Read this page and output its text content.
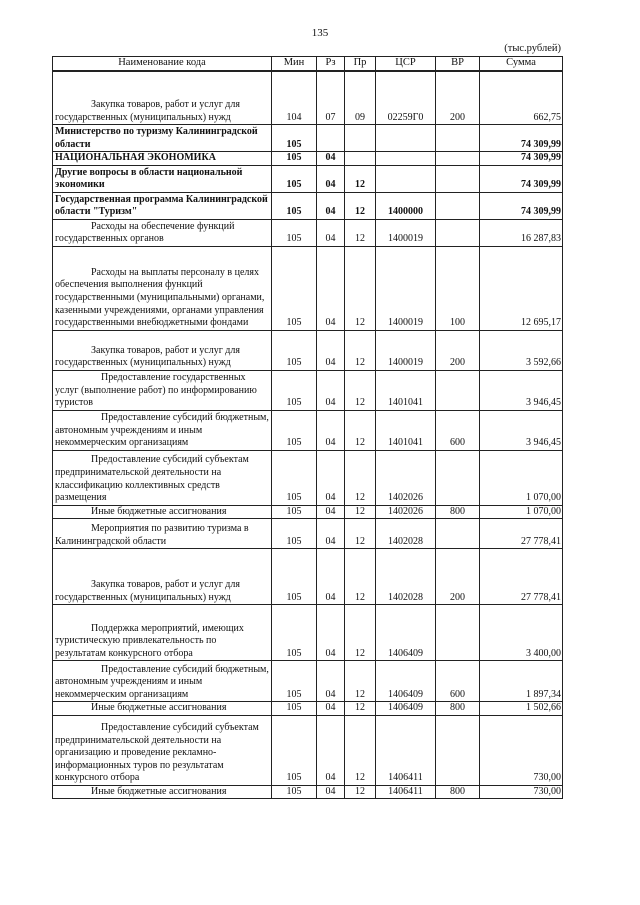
135
(тыс.рублей)
Наименование кода	Мин	Рз	Пр	ЦСР	ВР	Сумма

Закупка товаров, работ и услуг для государственных (муниципальных) нужд	104	07	09	02259Г0	200	662,75

Министерство по туризму Калининградской области	105					74 309,99

НАЦИОНАЛЬНАЯ ЭКОНОМИКА	105	04				74 309,99

Другие вопросы в области национальной экономики	105	04	12			74 309,99

Государственная программа Калининградской области "Туризм"	105	04	12	1400000		74 309,99

Расходы на обеспечение функций государственных органов	105	04	12	1400019		16 287,83

Расходы на выплаты персоналу в целях обеспечения выполнения функций государственными (муниципальными) органами, казенными учреждениями, органами управления государственными внебюджетными фондами	105	04	12	1400019	100	12 695,17

Закупка товаров, работ и услуг для государственных (муниципальных) нужд	105	04	12	1400019	200	3 592,66

Предоставление государственных услуг (выполнение работ) по информированию туристов	105	04	12	1401041		3 946,45

Предоставление субсидий бюджетным, автономным учреждениям и иным некоммерческим организациям	105	04	12	1401041	600	3 946,45

Предоставление субсидий субъектам предпринимательской деятельности на классификацию коллективных средств размещения	105	04	12	1402026		1 070,00

Иные бюджетные ассигнования	105	04	12	1402026	800	1 070,00

Мероприятия по развитию туризма в Калининградской области	105	04	12	1402028		27 778,41

Закупка товаров, работ и услуг для государственных (муниципальных) нужд	105	04	12	1402028	200	27 778,41

Поддержка мероприятий, имеющих туристическую привлекательность по результатам конкурсного отбора	105	04	12	1406409		3 400,00

Предоставление субсидий бюджетным, автономным учреждениям и иным некоммерческим организациям	105	04	12	1406409	600	1 897,34

Иные бюджетные ассигнования	105	04	12	1406409	800	1 502,66

Предоставление субсидий субъектам предпринимательской деятельности на организацию и проведение рекламно-информационных туров по результатам конкурсного отбора	105	04	12	1406411		730,00

Иные бюджетные ассигнования	105	04	12	1406411	800	730,00
